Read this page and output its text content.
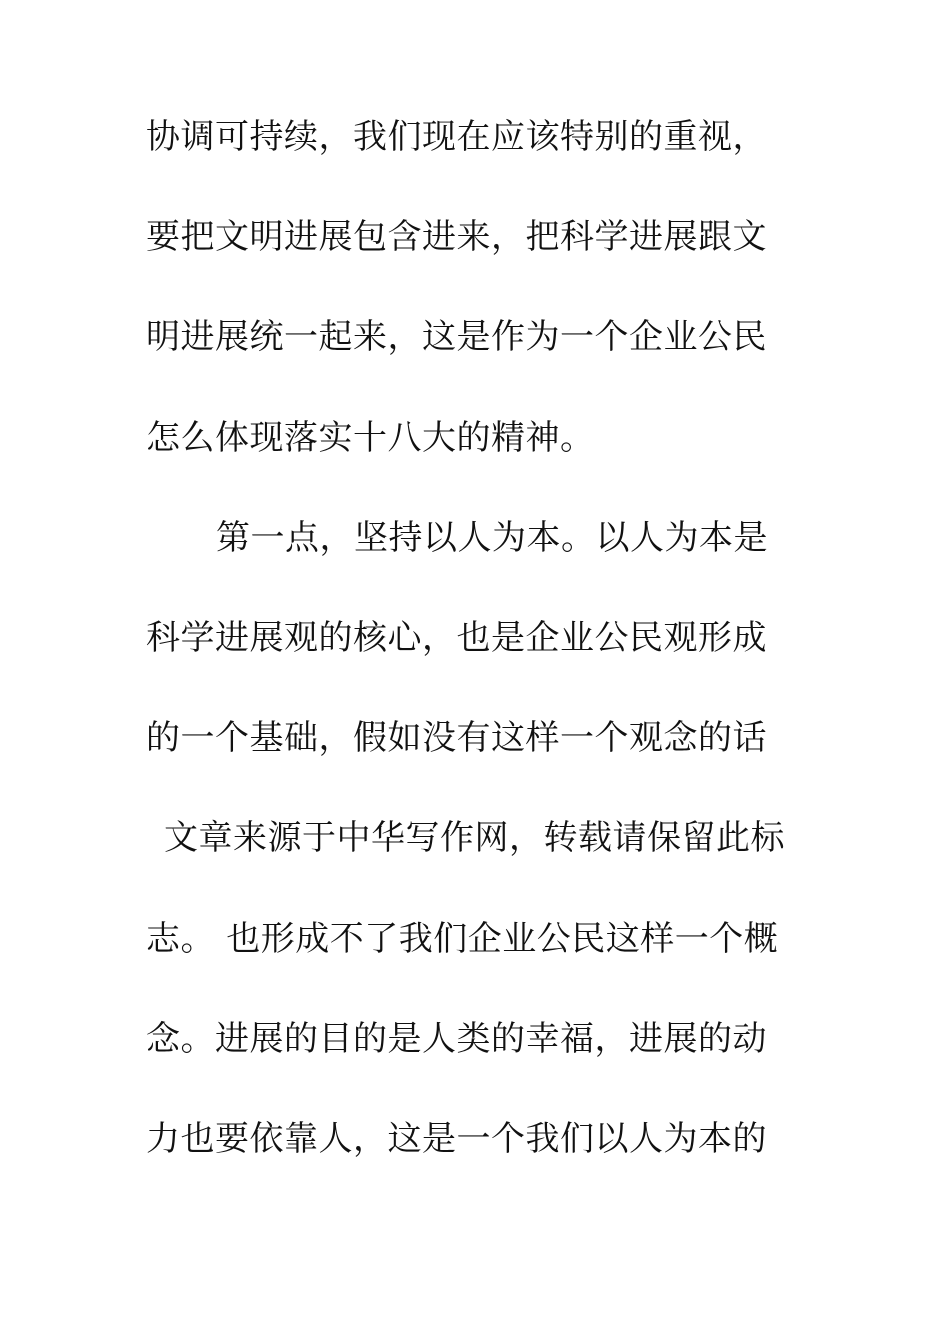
协调可持续，我们现在应该特别的重视，
要把文明进展包含进来，把科学进展跟文
明进展统一起来，这是作为一个企业公民
怎么体现落实十八大的精神。
第一点，坚持以人为本。以人为本是
科学进展观的核心，也是企业公民观形成
的一个基础，假如没有这样一个观念的话
文章来源于中华写作网，转载请保留此标
志。 也形成不了我们企业公民这样一个概
念。进展的目的是人类的幸福，进展的动
力也要依靠人，这是一个我们以人为本的
